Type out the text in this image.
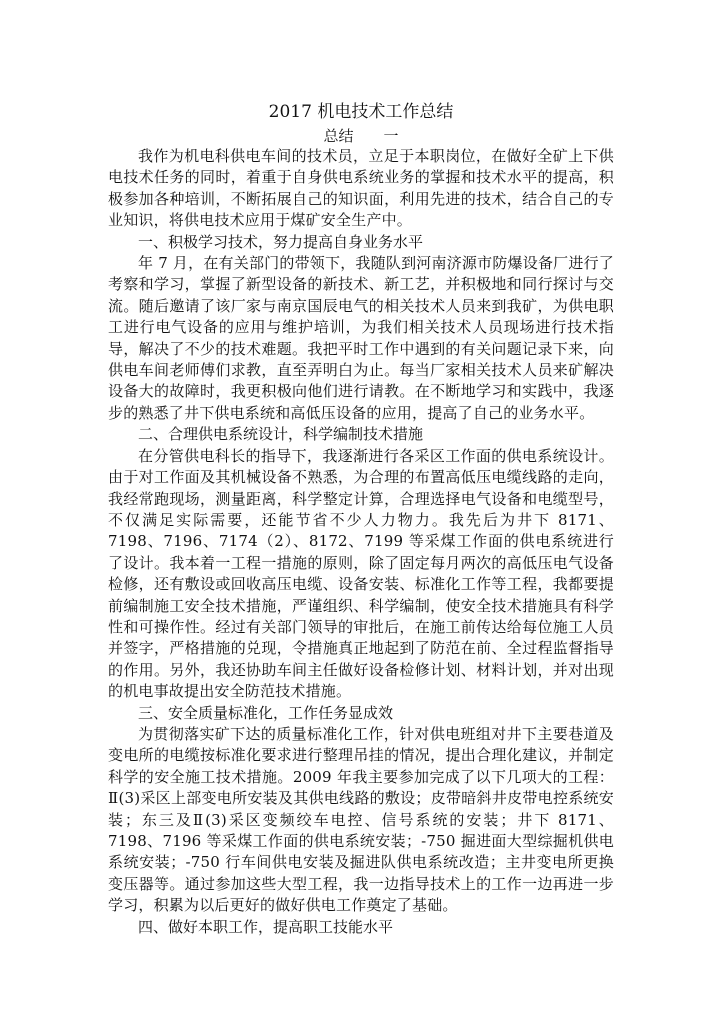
2017 机电技术工作总结

总结　　一

我作为机电科供电车间的技术员，立足于本职岗位，在做好全矿上下供电技术任务的同时，着重于自身供电系统业务的掌握和技术水平的提高，积极参加各种培训，不断拓展自己的知识面，利用先进的技术，结合自己的专业知识，将供电技术应用于煤矿安全生产中。

一、积极学习技术，努力提高自身业务水平

年 7 月，在有关部门的带领下，我随队到河南济源市防爆设备厂进行了考察和学习，掌握了新型设备的新技术、新工艺，并积极地和同行探讨与交流。随后邀请了该厂家与南京国辰电气的相关技术人员来到我矿，为供电职工进行电气设备的应用与维护培训，为我们相关技术人员现场进行技术指导，解决了不少的技术难题。我把平时工作中遇到的有关问题记录下来，向供电车间老师傅们求教，直至弄明白为止。每当厂家相关技术人员来矿解决设备大的故障时，我更积极向他们进行请教。在不断地学习和实践中，我逐步的熟悉了井下供电系统和高低压设备的应用，提高了自己的业务水平。

二、合理供电系统设计，科学编制技术措施

在分管供电科长的指导下，我逐渐进行各采区工作面的供电系统设计。由于对工作面及其机械设备不熟悉，为合理的布置高低压电缆线路的走向，我经常跑现场，测量距离，科学整定计算，合理选择电气设备和电缆型号，不仅满足实际需要，还能节省不少人力物力。我先后为井下 8171、7198、7196、7174（2）、8172、7199 等采煤工作面的供电系统进行了设计。我本着一工程一措施的原则，除了固定每月两次的高低压电气设备检修，还有敷设或回收高压电缆、设备安装、标准化工作等工程，我都要提前编制施工安全技术措施，严谨组织、科学编制，使安全技术措施具有科学性和可操作性。经过有关部门领导的审批后，在施工前传达给每位施工人员并签字，严格措施的兑现，令措施真正地起到了防范在前、全过程监督指导的作用。另外，我还协助车间主任做好设备检修计划、材料计划，并对出现的机电事故提出安全防范技术措施。

三、安全质量标准化，工作任务显成效

为贯彻落实矿下达的质量标准化工作，针对供电班组对井下主要巷道及变电所的电缆按标准化要求进行整理吊挂的情况，提出合理化建议，并制定科学的安全施工技术措施。2009 年我主要参加完成了以下几项大的工程：Ⅱ(3)采区上部变电所安装及其供电线路的敷设；皮带暗斜井皮带电控系统安装；东三及Ⅱ(3)采区变频绞车电控、信号系统的安装；井下 8171、7198、7196 等采煤工作面的供电系统安装；-750 掘进面大型综掘机供电系统安装；-750 行车间供电安装及掘进队供电系统改造；主井变电所更换变压器等。通过参加这些大型工程，我一边指导技术上的工作一边再进一步学习，积累为以后更好的做好供电工作奠定了基础。

四、做好本职工作，提高职工技能水平
